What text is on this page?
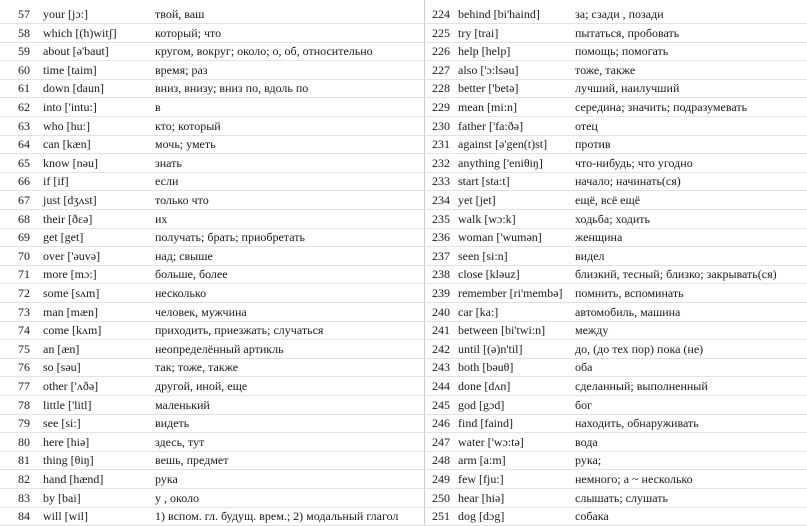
57 your [jɔ:]	твой, ваш
58 which [(h)witʃ]	который; что
59 about [ə'baut]	кругом, вокруг; около; о, об, относительно
60 time [taim]	время; раз
61 down [daun]	вниз, внизу; вниз по, вдоль по
62 into ['intu:]	в
63 who [hu:]	кто; который
64 can [kæn]	мочь; уметь
65 know [nəu]	знать
66 if [if]	если
67 just [dʒʌst]	только что
68 their [ðɛə]	их
69 get [get]	получать; брать; приобретать
70 over ['əuvə]	над; свыше
71 more [mɔ:]	больше, более
72 some [sʌm]	несколько
73 man [mæn]	человек, мужчина
74 come [kʌm]	приходить, приезжать; случаться
75 an [æn]	неопределённый артикль
76 so [səu]	так; тоже, также
77 other ['ʌðə]	другой, иной, еще
78 little ['litl]	маленький
79 see [si:]	видеть
80 here [hiə]	здесь, тут
81 thing [θiŋ]	вешь, предмет
82 hand [hænd]	рука
83 by [bai]	у , около
84 will [wil]	1) вспом. гл. будущ. врем.; 2) модальный глагол
224 behind [bi'haind]	за; сзади , позади
225 try [trai]	пытаться, пробовать
226 help [help]	помощь; помогать
227 also ['ɔ:lsəu]	тоже, также
228 better ['betə]	лучший, наилучший
229 mean [mi:n]	середина; значить; подразумевать
230 father ['fa:ðə]	отец
231 against [ə'gen(t)st] против
232 anything ['eniθiŋ]	что-нибудь; что угодно
233 start [sta:t]	начало; начинать(ся)
234 yet [jet]	ещё, всё ещё
235 walk [wɔ:k]	ходьба; ходить
236 woman ['wumən]	женщина
237 seen [si:n]	видел
238 close [kləuz]	близкий, тесный; близко; закрывать(ся)
239 remember [ri'membə] помнить, вспоминать
240 car [ka:]	автомобиль, машина
241 between [bi'twi:n] между
242 until [(ə)n'til]	до, (до тех пор) пока (не)
243 both [bəuθ]	оба
244 done [dʌn]	сделанный; выполненный
245 god [gɔd]	бог
246 find [faind]	находить, обнаруживать
247 water ['wɔ:tə]	вода
248 arm [a:m]	рука;
249 few [fju:]	немного; а ~ несколько
250 hear [hiə]	слышать; слушать
251 dog [dɔg]	собака
